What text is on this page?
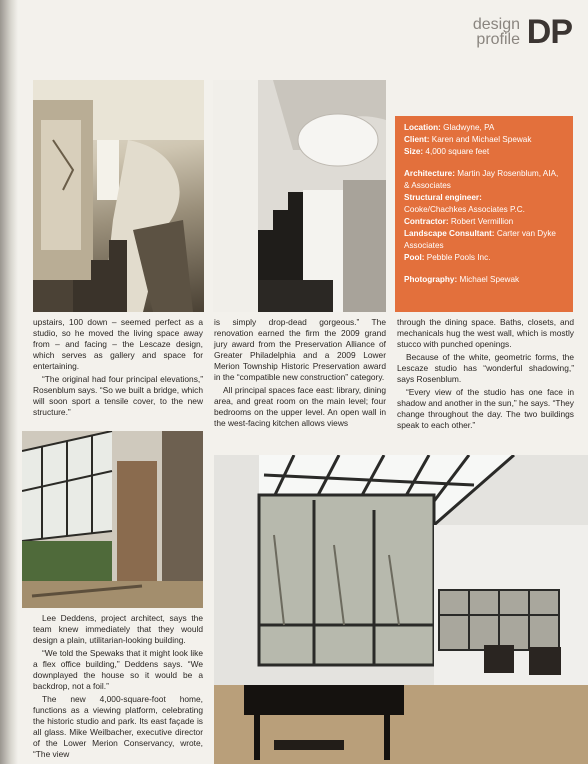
design
profile DP
Location: Gladwyne, PA
Client: Karen and Michael Spewak
Size: 4,000 square feet
Architecture: Martin Jay Rosenblum, AIA, & Associates
Structural engineer:
Cooke/Chachkes Associates P.C.
Contractor: Robert Vermillion
Landscape Consultant: Carter van Dyke Associates
Pool: Pebble Pools Inc.
Photography: Michael Spewak

upstairs, 100 down – seemed perfect as a studio, so he moved the living space away from – and facing – the Lescaze design, which serves as gallery and space for entertaining.

“The original had four principal elevations,” Rosenblum says. “So we built a bridge, which will soon sport a tensile cover, to the new structure.”

is simply drop-dead gorgeous.” The renovation earned the firm the 2009 grand jury award from the Preservation Alliance of Greater Philadelphia and a 2009 Lower Merion Township Historic Preservation award in the “compatible new construction” category.

All principal spaces face east: library, dining area, and great room on the main level; four bedrooms on the upper level. An open wall in the west-facing kitchen allows views

through the dining space. Baths, closets, and mechanicals hug the west wall, which is mostly stucco with punched openings.

Because of the white, geometric forms, the Lescaze studio has “wonderful shadowing,” says Rosenblum.

“Every view of the studio has one face in shadow and another in the sun,” he says. “They change throughout the day. The two buildings speak to each other.”

Lee Deddens, project architect, says the team knew immediately that they would design a plain, utilitarian-looking building.

“We told the Spewaks that it might look like a flex office building,” Deddens says. “We downplayed the house so it would be a backdrop, not a foil.”

The new 4,000-square-foot home, functions as a viewing platform, celebrating the historic studio and park. Its east façade is all glass. Mike Weilbacher, executive director of the Lower Merion Conservancy, wrote, “The view
